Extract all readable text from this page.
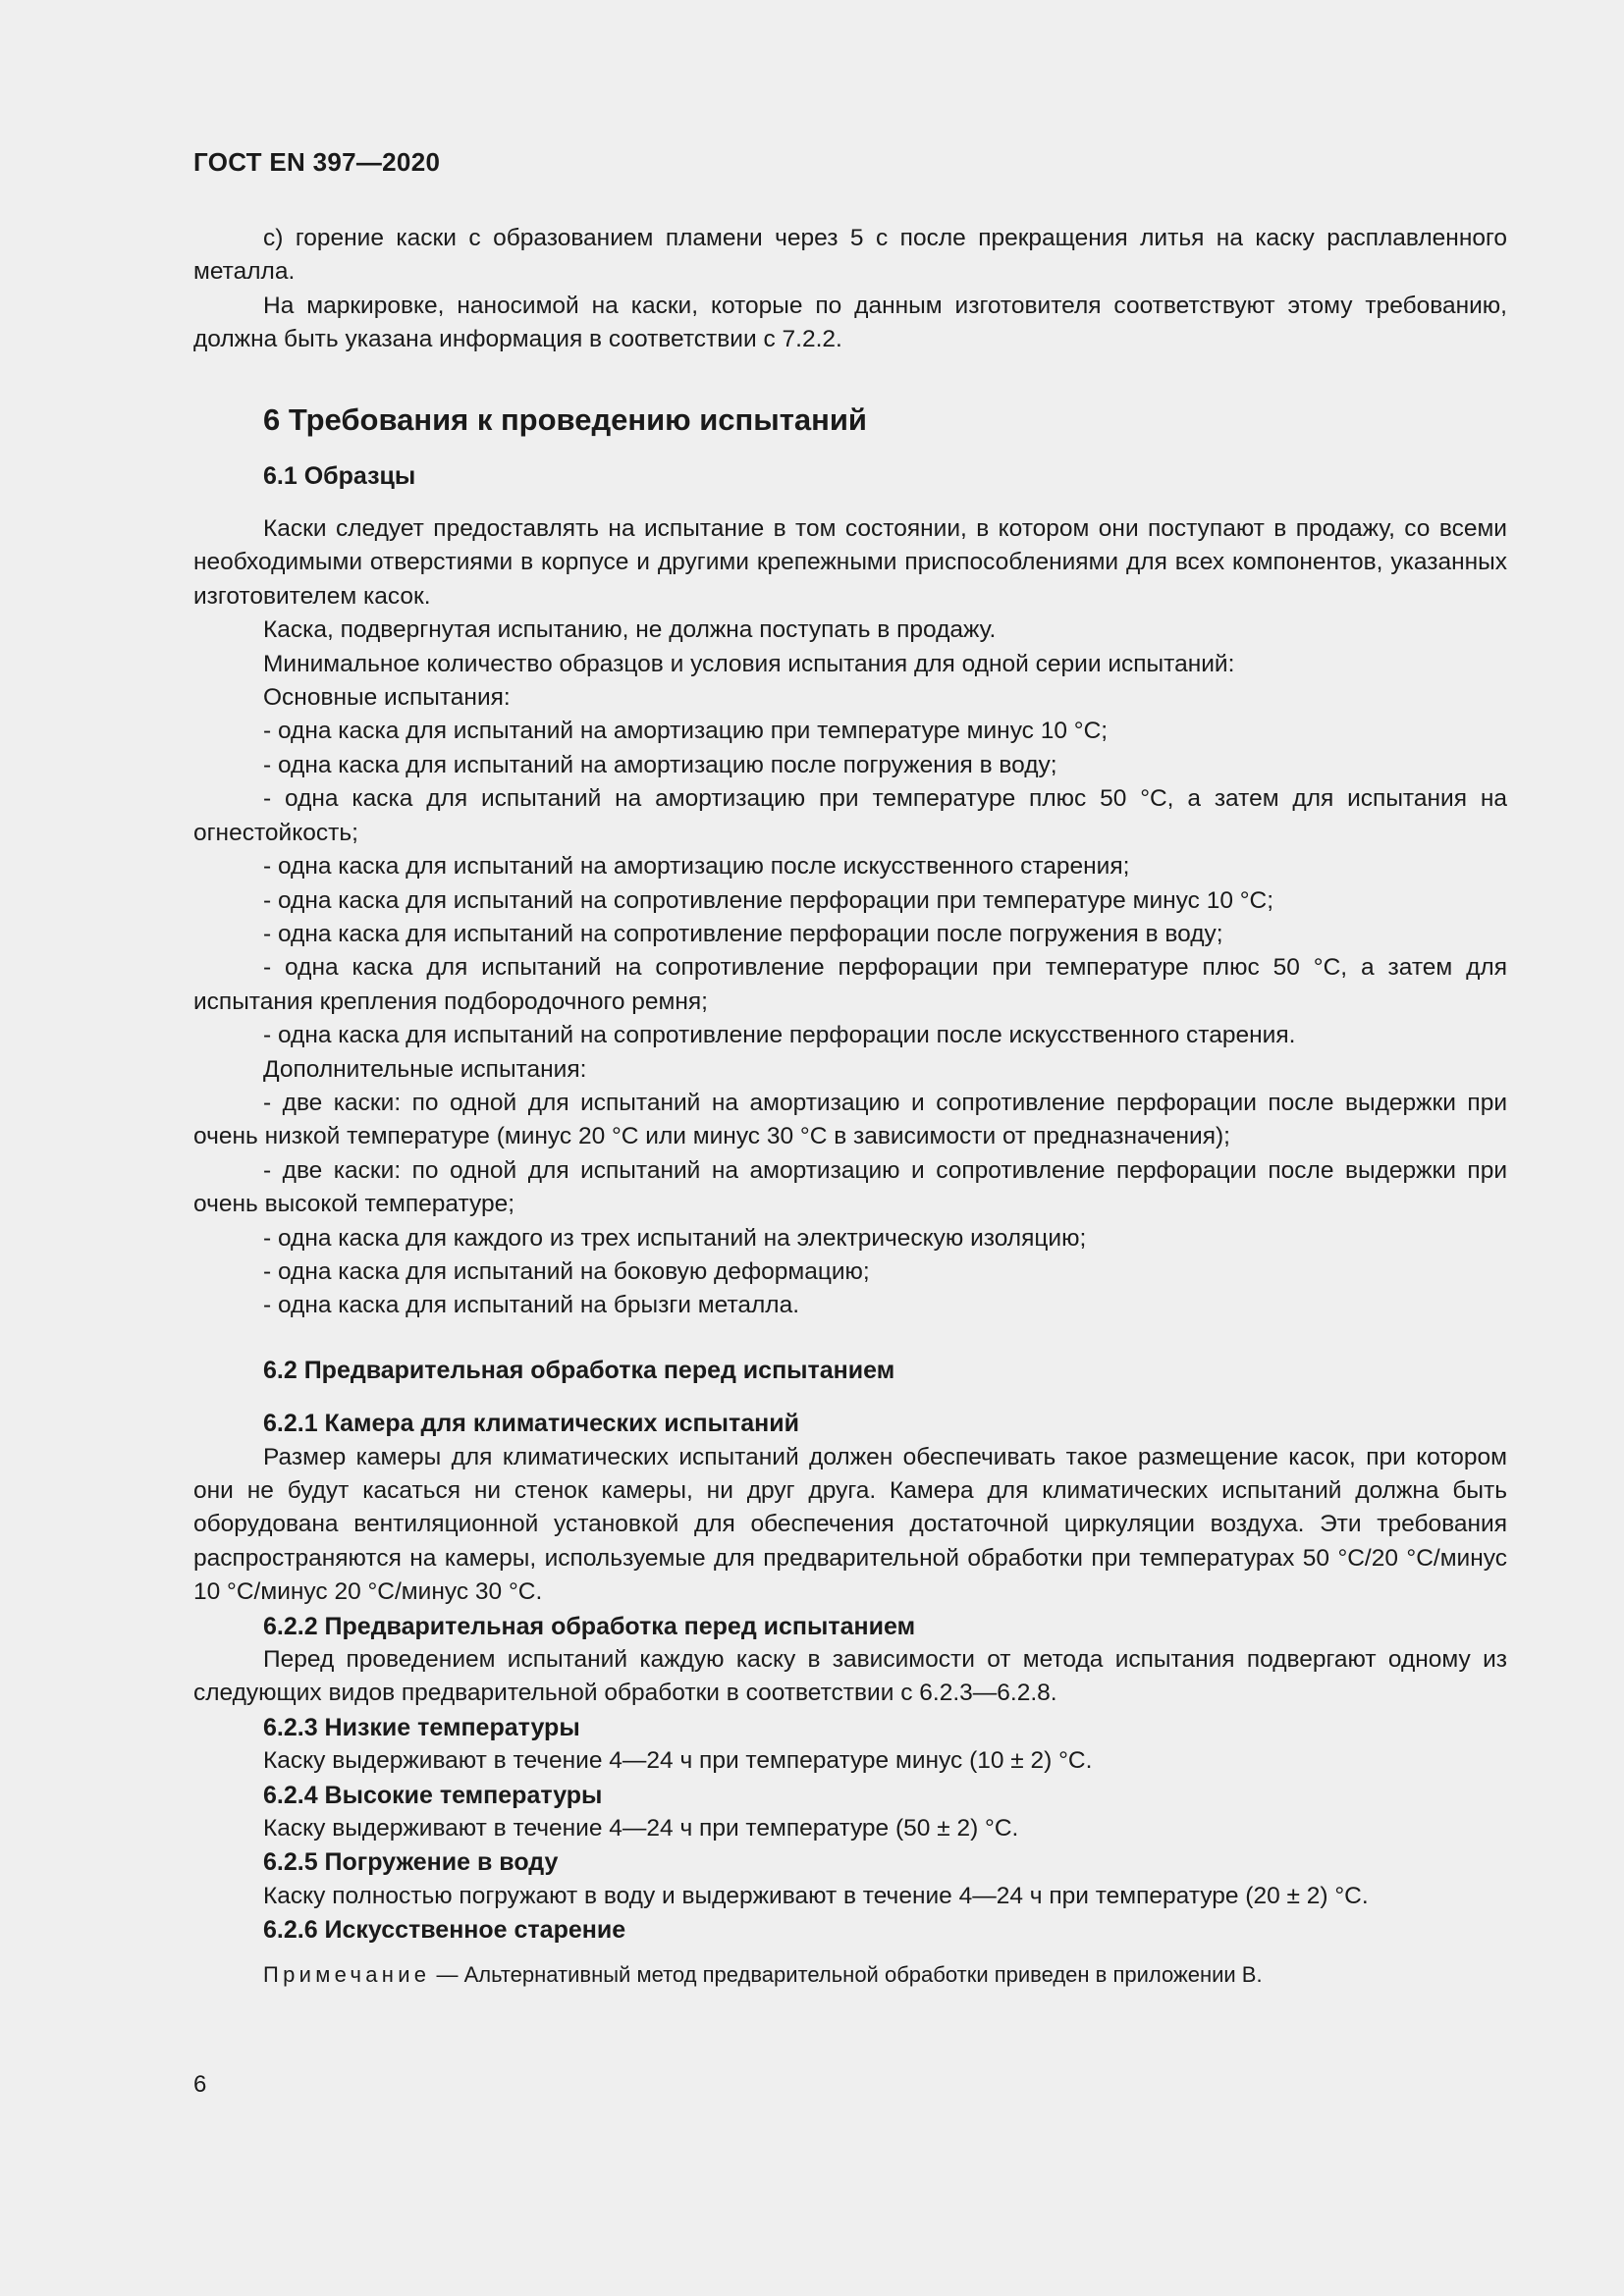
ГОСТ EN 397—2020

c) горение каски с образованием пламени через 5 с после прекращения литья на каску расплавленного металла.

На маркировке, наносимой на каски, которые по данным изготовителя соответствуют этому требованию, должна быть указана информация в соответствии с 7.2.2.

6 Требования к проведению испытаний
6.1 Образцы

Каски следует предоставлять на испытание в том состоянии, в котором они поступают в продажу, со всеми необходимыми отверстиями в корпусе и другими крепежными приспособлениями для всех компонентов, указанных изготовителем касок.

Каска, подвергнутая испытанию, не должна поступать в продажу.

Минимальное количество образцов и условия испытания для одной серии испытаний:

Основные испытания:

- одна каска для испытаний на амортизацию при температуре минус 10 °С;

- одна каска для испытаний на амортизацию после погружения в воду;

- одна каска для испытаний на амортизацию при температуре плюс 50 °С, а затем для испытания на огнестойкость;

- одна каска для испытаний на амортизацию после искусственного старения;

- одна каска для испытаний на сопротивление перфорации при температуре минус 10 °С;

- одна каска для испытаний на сопротивление перфорации после погружения в воду;

- одна каска для испытаний на сопротивление перфорации при температуре плюс 50 °С, а затем для испытания крепления подбородочного ремня;

- одна каска для испытаний на сопротивление перфорации после искусственного старения.

Дополнительные испытания:

- две каски: по одной для испытаний на амортизацию и сопротивление перфорации после выдержки при очень низкой температуре (минус 20 °С или минус 30 °С в зависимости от предназначения);

- две каски: по одной для испытаний на амортизацию и сопротивление перфорации после выдержки при очень высокой температуре;

- одна каска для каждого из трех испытаний на электрическую изоляцию;

- одна каска для испытаний на боковую деформацию;

- одна каска для испытаний на брызги металла.

6.2 Предварительная обработка перед испытанием
6.2.1 Камера для климатических испытаний

Размер камеры для климатических испытаний должен обеспечивать такое размещение касок, при котором они не будут касаться ни стенок камеры, ни друг друга. Камера для климатических испытаний должна быть оборудована вентиляционной установкой для обеспечения достаточной циркуляции воздуха. Эти требования распространяются на камеры, используемые для предварительной обработки при температурах 50 °С/20 °С/минус 10 °С/минус 20 °С/минус 30 °С.

6.2.2 Предварительная обработка перед испытанием

Перед проведением испытаний каждую каску в зависимости от метода испытания подвергают одному из следующих видов предварительной обработки в соответствии с 6.2.3—6.2.8.

6.2.3 Низкие температуры

Каску выдерживают в течение 4—24 ч при температуре минус (10 ± 2) °С.

6.2.4 Высокие температуры

Каску выдерживают в течение 4—24 ч при температуре (50 ± 2) °С.

6.2.5 Погружение в воду

Каску полностью погружают в воду и выдерживают в течение 4—24 ч при температуре (20 ± 2) °С.

6.2.6 Искусственное старение

Примечание — Альтернативный метод предварительной обработки приведен в приложении В.

6
